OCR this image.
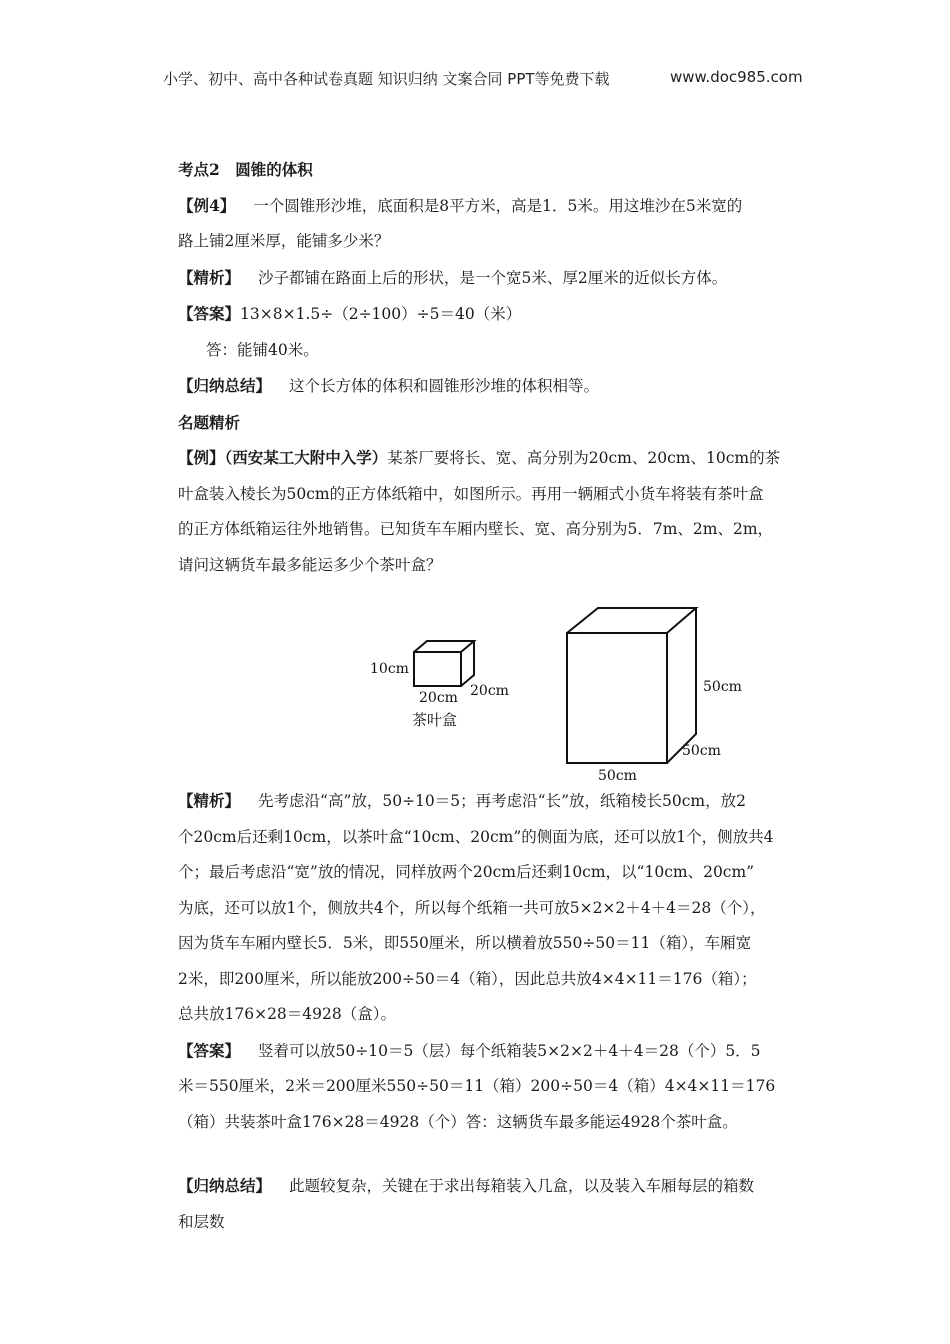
小学、初中、高中各种试卷真题 知识归纳 文案合同 PPT等免费下载	www.doc985.com

考点2　圆锥的体积

【例4】 一个圆锥形沙堆，底面积是8平方米，高是1．5米。用这堆沙在5米宽的

路上铺2厘米厚，能铺多少米？

【精析】 沙子都铺在路面上后的形状，是一个宽5米、厚2厘米的近似长方体。

【答案】13×8×1.5÷（2÷100）÷5＝40（米）

答：能铺40米。

【归纳总结】 这个长方体的体积和圆锥形沙堆的体积相等。

名题精析

【例】（西安某工大附中入学）某茶厂要将长、宽、高分别为20cm、20cm、10cm的茶

叶盒装入棱长为50cm的正方体纸箱中，如图所示。再用一辆厢式小货车将装有茶叶盒

的正方体纸箱运往外地销售。已知货车车厢内壁长、宽、高分别为5．7m、2m、2m，

请问这辆货车最多能运多少个茶叶盒？

10cm
20cm 20cm
茶叶盒
50cm
50cm
50cm

【精析】 先考虑沿“高”放，50÷10＝5；再考虑沿“长”放，纸箱棱长50cm，放2

个20cm后还剩10cm，以茶叶盒“10cm、20cm”的侧面为底，还可以放1个，侧放共4

个；最后考虑沿“宽”放的情况，同样放两个20cm后还剩10cm，以“10cm、20cm”

为底，还可以放1个，侧放共4个，所以每个纸箱一共可放5×2×2＋4＋4＝28（个），

因为货车车厢内壁长5．5米，即550厘米，所以横着放550÷50＝11（箱），车厢宽

2米，即200厘米，所以能放200÷50＝4（箱），因此总共放4×4×11＝176（箱）；

总共放176×28＝4928（盒）。

【答案】 竖着可以放50÷10＝5（层）每个纸箱装5×2×2＋4＋4＝28（个）5．5

米＝550厘米，2米＝200厘米550÷50＝11（箱）200÷50＝4（箱）4×4×11＝176

（箱）共装茶叶盒176×28＝4928（个）答：这辆货车最多能运4928个茶叶盒。

【归纳总结】 此题较复杂，关键在于求出每箱装入几盒，以及装入车厢每层的箱数

和层数
